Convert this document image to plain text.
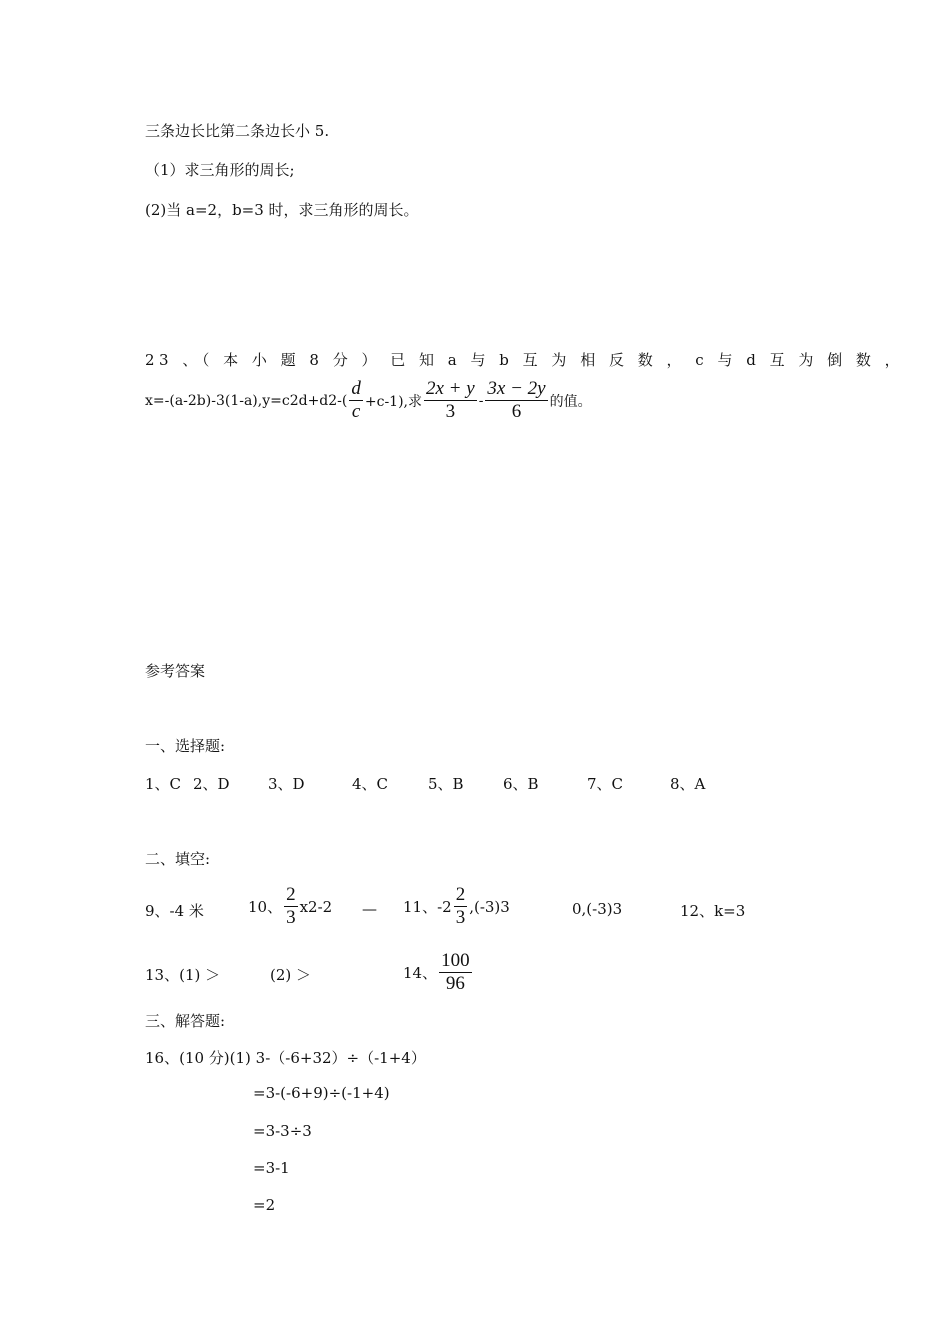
三条边长比第二条边长小 5.
（1）求三角形的周长;
(2)当 a=2，b=3 时，求三角形的周长。
23 、（ 本 小 题 8 分 ） 已 知 a 与 b 互 为 相 反 数 ， c 与 d 互 为 倒 数 ，
$x=-(a-2b)-3(1-a),y=c2d+d2-( \frac{d}{c} +c-1)$,求 $\frac{2x + y}{3} - \frac{3x - 2y}{6}$ 的值。
参考答案
一、选择题:
1、C 2、D	3、D	4、C	5、B	6、B	7、C	8、A
二、填空:
9、-4 米	10、 $\frac{2}{3} x2-2$ — 11、$-2 \frac{2}{3} ,(-3)3$	0,(-3)3	12、k=3
13、(1) ＞	(2) ＞	14、 $\frac{100}{96}$
三、解答题:
16、(10 分)(1) 3-（-6+32）÷（-1+4）
=3-(-6+9)÷(-1+4)
=3-3÷3
=3-1
=2
